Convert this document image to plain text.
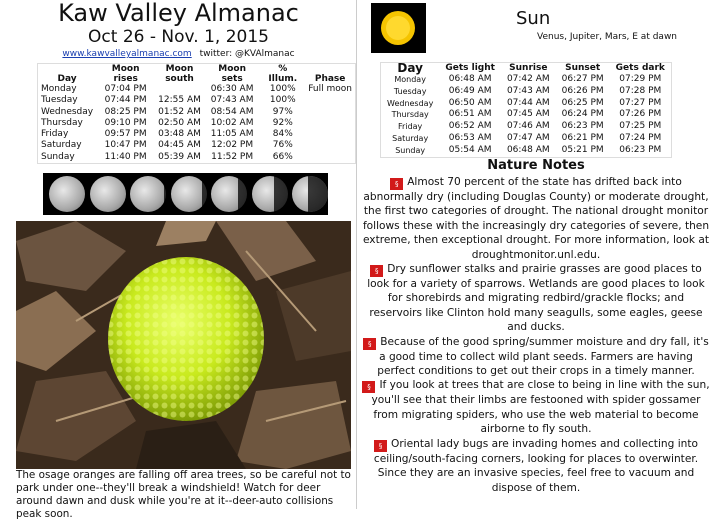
Kaw Valley Almanac
Oct 26 - Nov. 1, 2015
www.kawvalleyalmanac.com twitter: @KVAlmanac
Day	Moon rises	Moon south	Moon sets	% Illum.	Phase
Monday	07:04 PM		06:30 AM	100%	Full moon
Tuesday	07:44 PM	12:55 AM	07:43 AM	100%	
Wednesday	08:25 PM	01:52 AM	08:54 AM	97%	
Thursday	09:10 PM	02:50 AM	10:02 AM	92%	
Friday	09:57 PM	03:48 AM	11:05 AM	84%	
Saturday	10:47 PM	04:45 AM	12:02 PM	76%	
Sunday	11:40 PM	05:39 AM	11:52 PM	66%	
The osage oranges are falling off area trees, so be careful not to park under one--they'll break a windshield! Watch for deer around dawn and dusk while you're at it--deer-auto collisions peak soon.
Sun
Venus, Jupiter, Mars, E at dawn
Day	Gets light	Sunrise	Sunset	Gets dark
Monday	06:48 AM	07:42 AM	06:27 PM	07:29 PM
Tuesday	06:49 AM	07:43 AM	06:26 PM	07:28 PM
Wednesday	06:50 AM	07:44 AM	06:25 PM	07:27 PM
Thursday	06:51 AM	07:45 AM	06:24 PM	07:26 PM
Friday	06:52 AM	07:46 AM	06:23 PM	07:25 PM
Saturday	06:53 AM	07:47 AM	06:21 PM	07:24 PM
Sunday	05:54 AM	06:48 AM	05:21 PM	06:23 PM
Nature Notes

§ Almost 70 percent of the state has drifted back into abnormally dry (including Douglas County) or moderate drought, the first two categories of drought. The national drought monitor follows these with the increasingly dry categories of severe, then extreme, then exceptional drought. For more information, look at droughtmonitor.unl.edu.

§ Dry sunflower stalks and prairie grasses are good places to look for a variety of sparrows. Wetlands are good places to look for shorebirds and migrating redbird/grackle flocks; and reservoirs like Clinton hold many seagulls, some eagles, geese and ducks.

§ Because of the good spring/summer moisture and dry fall, it's a good time to collect wild plant seeds. Farmers are having perfect conditions to get out their crops in a timely manner.

§ If you look at trees that are close to being in line with the sun, you'll see that their limbs are festooned with spider gossamer from migrating spiders, who use the web material to become airborne to fly south.

§ Oriental lady bugs are invading homes and collecting into ceiling/south-facing corners, looking for places to overwinter. Since they are an invasive species, feel free to vacuum and dispose of them.
